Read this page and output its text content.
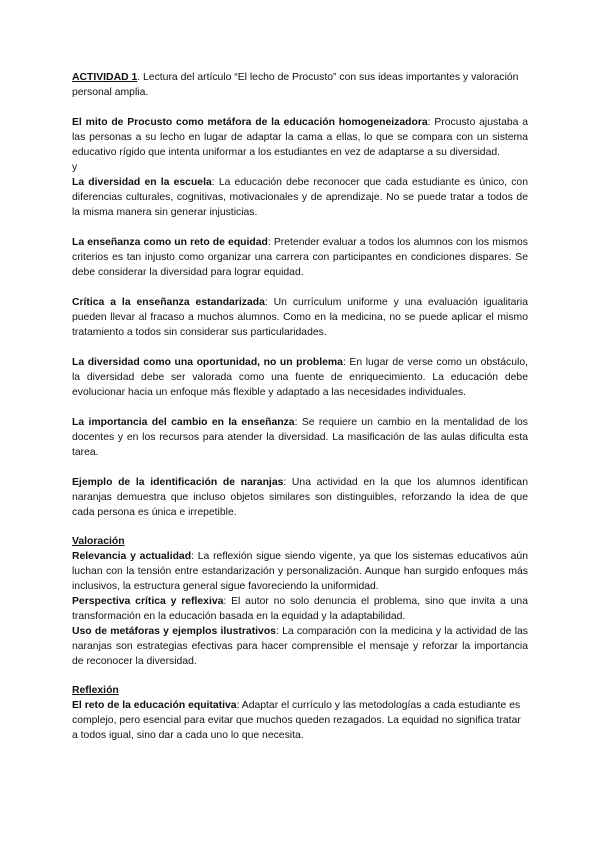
ACTIVIDAD 1. Lectura del artículo “El lecho de Procusto” con sus ideas importantes y valoración personal amplia.

El mito de Procusto como metáfora de la educación homogeneizadora: Procusto ajustaba a las personas a su lecho en lugar de adaptar la cama a ellas, lo que se compara con un sistema educativo rígido que intenta uniformar a los estudiantes en vez de adaptarse a su diversidad.

y

La diversidad en la escuela: La educación debe reconocer que cada estudiante es único, con diferencias culturales, cognitivas, motivacionales y de aprendizaje. No se puede tratar a todos de la misma manera sin generar injusticias.

La enseñanza como un reto de equidad: Pretender evaluar a todos los alumnos con los mismos criterios es tan injusto como organizar una carrera con participantes en condiciones dispares. Se debe considerar la diversidad para lograr equidad.

Crítica a la enseñanza estandarizada: Un currículum uniforme y una evaluación igualitaria pueden llevar al fracaso a muchos alumnos. Como en la medicina, no se puede aplicar el mismo tratamiento a todos sin considerar sus particularidades.

La diversidad como una oportunidad, no un problema: En lugar de verse como un obstáculo, la diversidad debe ser valorada como una fuente de enriquecimiento. La educación debe evolucionar hacia un enfoque más flexible y adaptado a las necesidades individuales.

La importancia del cambio en la enseñanza: Se requiere un cambio en la mentalidad de los docentes y en los recursos para atender la diversidad. La masificación de las aulas dificulta esta tarea.

Ejemplo de la identificación de naranjas: Una actividad en la que los alumnos identifican naranjas demuestra que incluso objetos similares son distinguibles, reforzando la idea de que cada persona es única e irrepetible.

Valoración

Relevancia y actualidad: La reflexión sigue siendo vigente, ya que los sistemas educativos aún luchan con la tensión entre estandarización y personalización. Aunque han surgido enfoques más inclusivos, la estructura general sigue favoreciendo la uniformidad.

Perspectiva crítica y reflexiva: El autor no solo denuncia el problema, sino que invita a una transformación en la educación basada en la equidad y la adaptabilidad.

Uso de metáforas y ejemplos ilustrativos: La comparación con la medicina y la actividad de las naranjas son estrategias efectivas para hacer comprensible el mensaje y reforzar la importancia de reconocer la diversidad.

Reflexión

El reto de la educación equitativa: Adaptar el currículo y las metodologías a cada estudiante es complejo, pero esencial para evitar que muchos queden rezagados. La equidad no significa tratar a todos igual, sino dar a cada uno lo que necesita.
